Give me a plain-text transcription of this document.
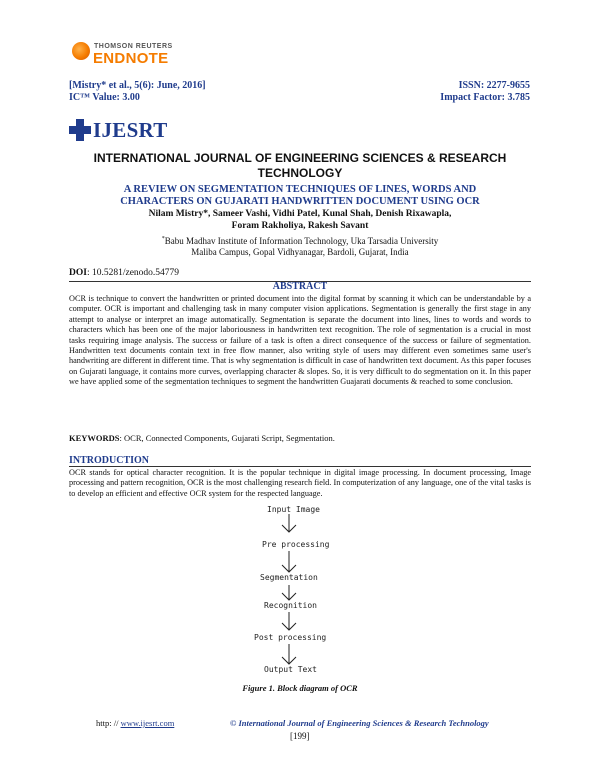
THOMSON REUTERS
ENDNOTE
[Mistry* et al., 5(6): June, 2016]
IC™ Value: 3.00
ISSN: 2277-9655
Impact Factor: 3.785
IJESRT
INTERNATIONAL JOURNAL OF ENGINEERING SCIENCES & RESEARCH
TECHNOLOGY
A REVIEW ON SEGMENTATION TECHNIQUES OF LINES, WORDS AND
CHARACTERS ON GUJARATI HANDWRITTEN DOCUMENT USING OCR
Nilam Mistry*, Sameer Vashi, Vidhi Patel, Kunal Shah, Denish Rixawapla,
Foram Rakholiya, Rakesh Savant
*Babu Madhav Institute of Information Technology, Uka Tarsadia University
Maliba Campus, Gopal Vidhyanagar, Bardoli, Gujarat, India
DOI: 10.5281/zenodo.54779
ABSTRACT
OCR is technique to convert the handwritten or printed document into the digital format by scanning it which can be understandable by a computer. OCR is important and challenging task in many computer vision applications. Segmentation is generally the first stage in any attempt to analyse or interpret an image automatically. Segmentation is separate the document into lines, lines to words and words to characters which has been one of the major laboriousness in handwritten text recognition. The role of segmentation is a crucial in most tasks requiring image analysis. The success or failure of a task is often a direct consequence of the success or failure of segmentation. Handwritten text documents contain text in free flow manner, also writing style of users may different even sometimes same user's handwriting are different in different time. That is why segmentation is difficult in case of handwritten text document. As this paper focuses on Gujarati language, it contains more curves, overlapping character & slopes. So, it is very difficult to do segmentation on it. In this paper we have applied some of the segmentation techniques to segment the handwritten Guajarati documents & reached to some conclusion.
KEYWORDS: OCR, Connected Components, Gujarati Script, Segmentation.
INTRODUCTION
OCR stands for optical character recognition. It is the popular technique in digital image processing. In document processing, Image processing and pattern recognition, OCR is the most challenging research field. In computerization of any language, one of the vital tasks is to develop an efficient and effective OCR system for the respected language.
Input Image
Pre processing
Segmentation
Recognition
Post processing
Output Text
Figure 1. Block diagram of OCR
http: // www.ijesrt.com	© International Journal of Engineering Sciences & Research Technology
[199]
